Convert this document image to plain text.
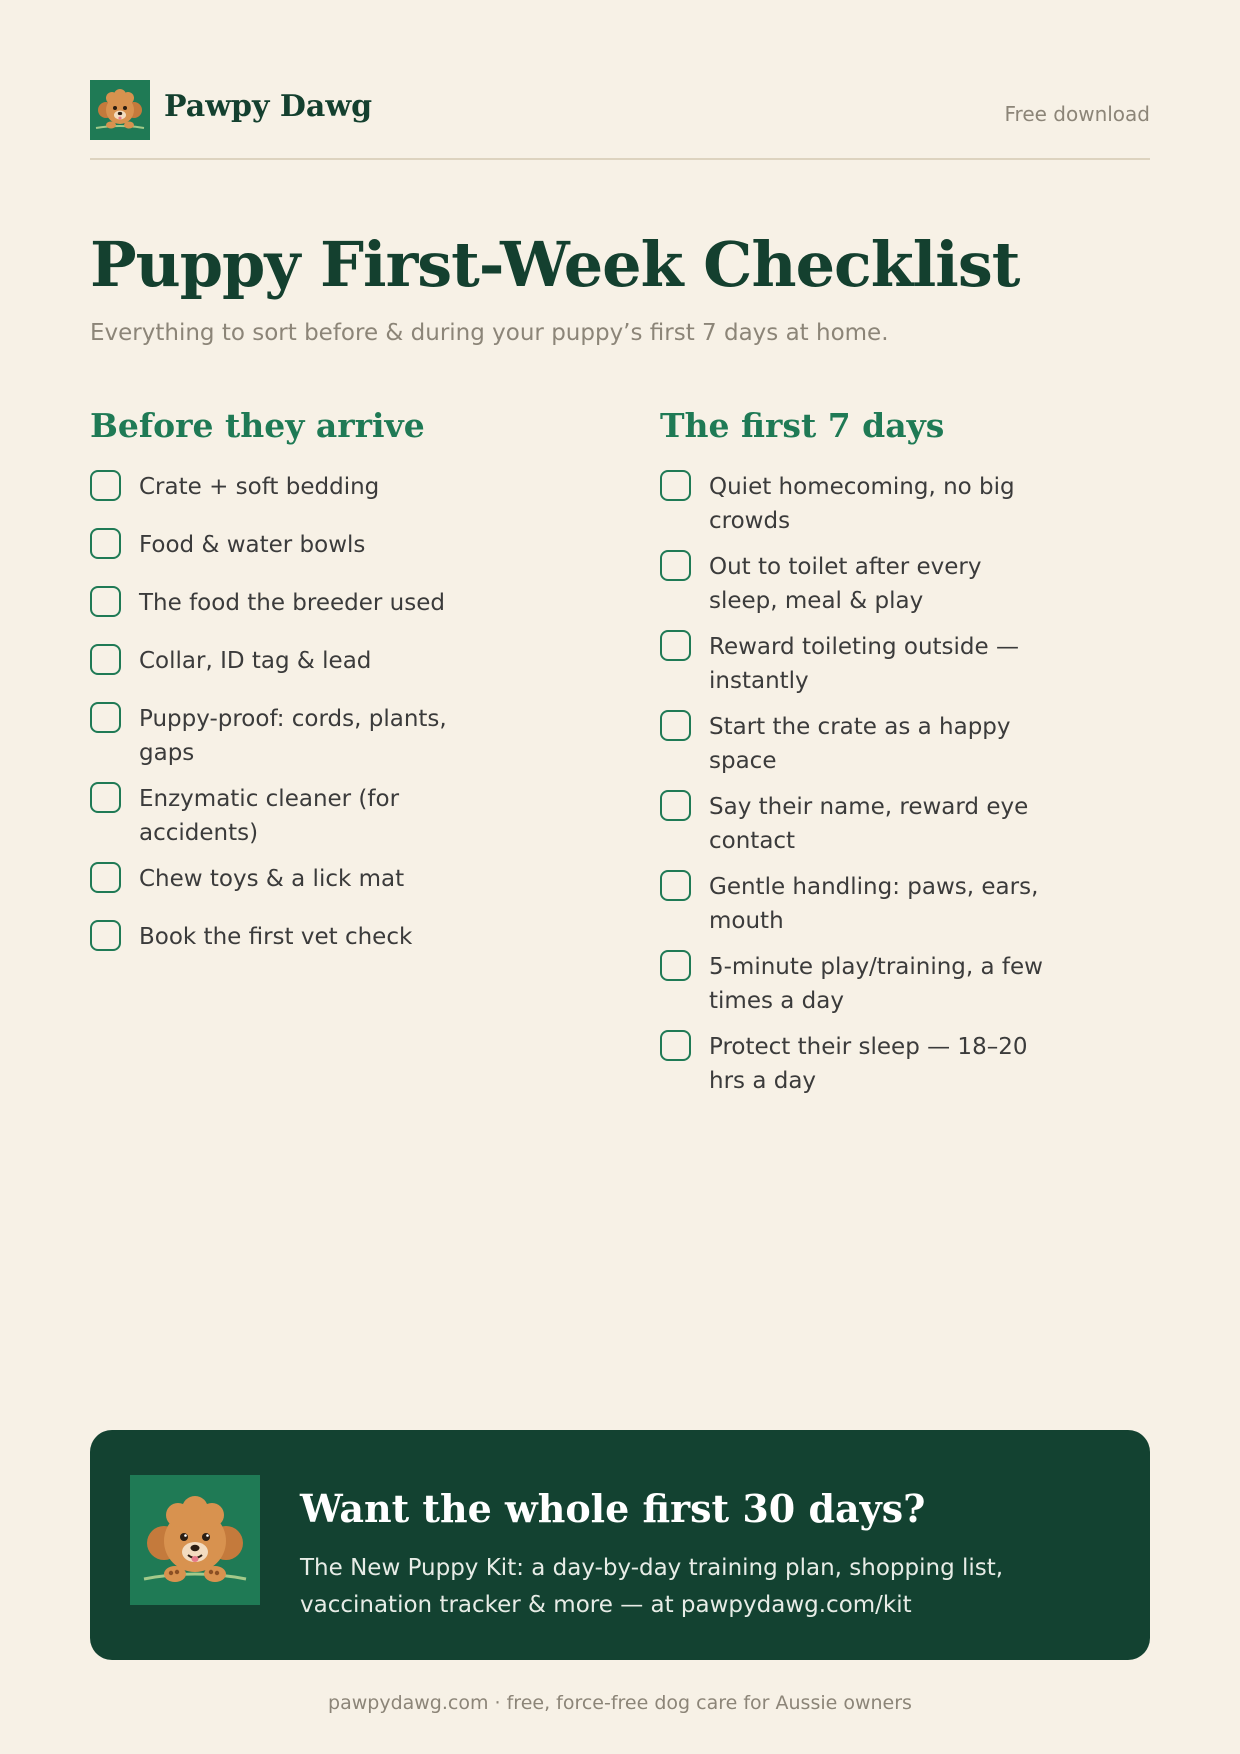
Pawpy Dawg	Free download
Puppy First-Week Checklist
Everything to sort before & during your puppy’s first 7 days at home.
Before they arrive
Crate + soft bedding
Food & water bowls
The food the breeder used
Collar, ID tag & lead
Puppy-proof: cords, plants, gaps
Enzymatic cleaner (for accidents)
Chew toys & a lick mat
Book the first vet check
The first 7 days
Quiet homecoming, no big crowds
Out to toilet after every sleep, meal & play
Reward toileting outside — instantly
Start the crate as a happy space
Say their name, reward eye contact
Gentle handling: paws, ears, mouth
5-minute play/training, a few times a day
Protect their sleep — 18–20 hrs a day
Want the whole first 30 days?
The New Puppy Kit: a day-by-day training plan, shopping list, vaccination tracker & more — at pawpydawg.com/kit
pawpydawg.com · free, force-free dog care for Aussie owners
